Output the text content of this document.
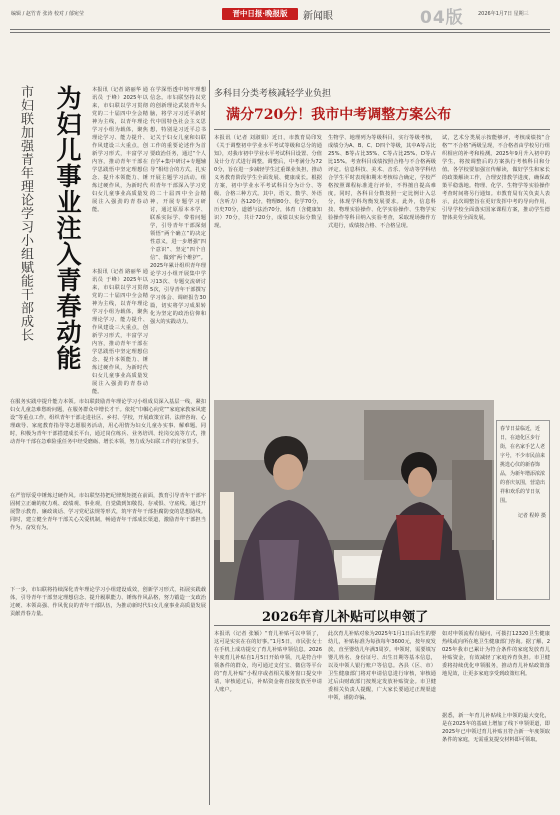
编辑 / 赵竹青 张涛 校对 / 郁宛莹	晋中日报·晚报版	新闻眼	04版	2026年1月7日 星期三
市妇联加强青年理论学习小组赋能干部成长 为妇儿事业注入青春动能 本报讯（记者 路丽华 通讯员 于峰）2025年以来，市妇联以学习贯彻党的二十届四中全会精神为主线，以青年理论学习小组为载体，聚焦理论学习、能力提升、作风建设三大重点，创新学习形式，丰富学习内容，推动青年干部在学思践悟中坚定理想信念、提升本领能力、锤炼过硬作风，为新时代妇女儿童事业高质量发展注入强劲的青春动能。
在学深悟透中铸牢理想信念。市妇联坚持以党的创新理论武装青年头脑，将学习习近平新时代中国特色社会主义思想，特别是习近平总书记关于妇女儿童和妇联工作的重要论述作为首要政治任务，通过“个人自学+集中研讨+专题辅导”相结合的方式，扎实开展主题学习活动。组织青年干部深入学习党的二十届四中全会精神，开展专题学习研讨，通过原原本本学、联系实际学、带着问题学，引导青年干部深刻领悟“两个确立”的决定性意义，进一步增强“四个意识”、坚定“四个自信”、做到“两个维护”。2025年累计组织青年理论学习小组开展集中学习13次、专题交流研讨5次，引导青年干部撰写学习体会、调研报告30篇，切实将学习成果转化为坚定的政治信仰和强大的实践动力。
本报讯（记者 路丽华 通讯员 于峰）2025年以来，市妇联以学习贯彻党的二十届四中全会精神为主线，以青年理论学习小组为载体，聚焦理论学习、能力提升、作风建设三大重点，创新学习形式，丰富学习内容，推动青年干部在学思践悟中坚定理想信念、提升本领能力、锤炼过硬作风，为新时代妇女儿童事业高质量发展注入强劲的青春动能。
在服务实践中提升能力本领。市妇联鼓励青年理论学习小组成员深入基层一线，紧扣妇女儿童急难愁盼问题，在服务群众中增长才干。依托“巾帼心向党”“家庭家教家风建设”等重点工作，组织青年干部走进社区、乡村、学校，开展政策宣讲、法律咨询、心理疏导、家庭教育指导等志愿服务活动，用心用情为妇女儿童办实事、解难题。同时，积极为青年干部搭建成长平台，通过岗位练兵、业务培训、轮岗交流等方式，推动青年干部在急难险重任务中经受磨砺、增长本领，努力成为妇联工作的行家里手。
在严管厚爱中锤炼过硬作风。市妇联坚持把纪律规矩挺在前面，教育引导青年干部牢固树立正确的权力观、政绩观、事业观，自觉做到知敬畏、存戒惧、守底线。通过开展警示教育、廉政谈话、学习党纪法规等形式，筑牢青年干部拒腐防变的思想防线。同时，建立健全青年干部关心关爱机制，畅通青年干部成长渠道，激励青年干部担当作为、奋发有为。
下一步，市妇联将持续深化青年理论学习小组建设成效，创新学习形式，拓展实践载体，引导青年干部坚定理想信念、提升履职能力、锤炼作风品格，努力锻造一支政治过硬、本领高强、作风优良的青年干部队伍，为推动新时代妇女儿童事业高质量发展贡献青春力量。
多科目分类考核减轻学业负担
满分720分！我市中考调整方案公布
本报讯（记者 刘淑娟）近日，市教育局印发《关于调整初中学业水平考试等级和总分的通知》，对我市初中学业水平考试科目设置、分值及计分方式进行调整。调整后，中考满分为720分，旨在进一步减轻学生过重课业负担，推动义务教育阶段学生全面发展、健康成长。根据方案，初中学业水平考试科目分为计分、等级、合格三种方式。其中，语文、数学、外语（含听力）各120分，物理80分、化学70分，历史70分，道德与法治70分，体育（含健康知识）70分，共计720分，成绩以实际分数呈现。
生物学、地理列为等级科目，实行等级考核，成绩分为A、B、C、D四个等级，其中A等占比25%、B等占比35%、C等占比25%、D等占比15%。考查科目成绩按照合格与不合格两级评定。信息科技、美术、音乐、劳动等学科结合学生平时表现和期末考核综合确定，学校严格按照课程标准进行评价，不得擅自提高难度。同时，各科目分数按照一定比例计入总分，体现学科均衡发展要求。此外，信息科技、物理实验操作、化学实验操作、生物学实验操作等科目纳入实验考查，采取现场操作方式进行，成绩按合格、不合格呈现。
试，艺术分类展示按能够评，考核成绩按“合格”“不合格”两级呈现，不合格者由学校另行组织相应的补考和检测。2025年9月升入初中的学生，将按调整后的方案执行考核科目和分值。各学校要加强宣传解读，做好学生和家长的政策解读工作，合理安排教学进度，确保政策平稳落地。物理、化学、生物学等实验操作考查时间将另行通知。市教育局有关负责人表示，此次调整旨在更好发挥中考的导向作用，引导学校全面落实国家课程方案，推动学生德智体美劳全面发展。
春节日益临近，近日，在迪化区步行街，在名家手艺人老字号，不少市民前来挑选心仪的新春饰品，为新年增添浓浓的喜庆氛围，营造出祥和欢乐的节日氛围。
记者 程婷 摄
2026年育儿补贴可以申领了
本报讯（记者 张颖）“育儿补贴可以申领了，这可是实实在在的好事。”1月5日，市民张女士在手机上成功提交了育儿补贴申领信息。2026年度育儿补贴自1月5日开始申领，凡是符合申领条件的群众，均可通过支付宝、微信等平台的“育儿补贴”小程序或者相关服务窗口提交申请，审核通过后，补贴资金将直接发放至申请人账户。
此次育儿补贴对象为2025年1月1日后出生的婴幼儿，补贴标准为每孩每年3600元，按年度发放，直至婴幼儿年满3周岁。申领时，需要填写婴儿姓名、身份证号、出生日期等基本信息，以及申领人银行账户等信息。各县（区、市）卫生健康部门将对申请信息进行审核，审核通过后由财政部门按规定发放补贴资金。市卫健委相关负责人提醒，广大家长要通过正规渠道申领，谨防诈骗。
如对申领流程有疑问，可拨打12320卫生健康热线或向所在地卫生健康部门咨询。据了解，2025年我市已累计为符合条件的家庭发放育儿补贴资金，有效减轻了家庭养育负担。市卫健委将持续优化申领服务，推动育儿补贴政策落地见效，让更多家庭享受到政策红利。
据悉，新一年育儿补贴线上申领的最大变化，是在2025年的基础上增加了线下申领渠道，即2025年已申领过育儿补贴且符合新一年度领取条件的家庭，无需重复提交材料即可领取。
